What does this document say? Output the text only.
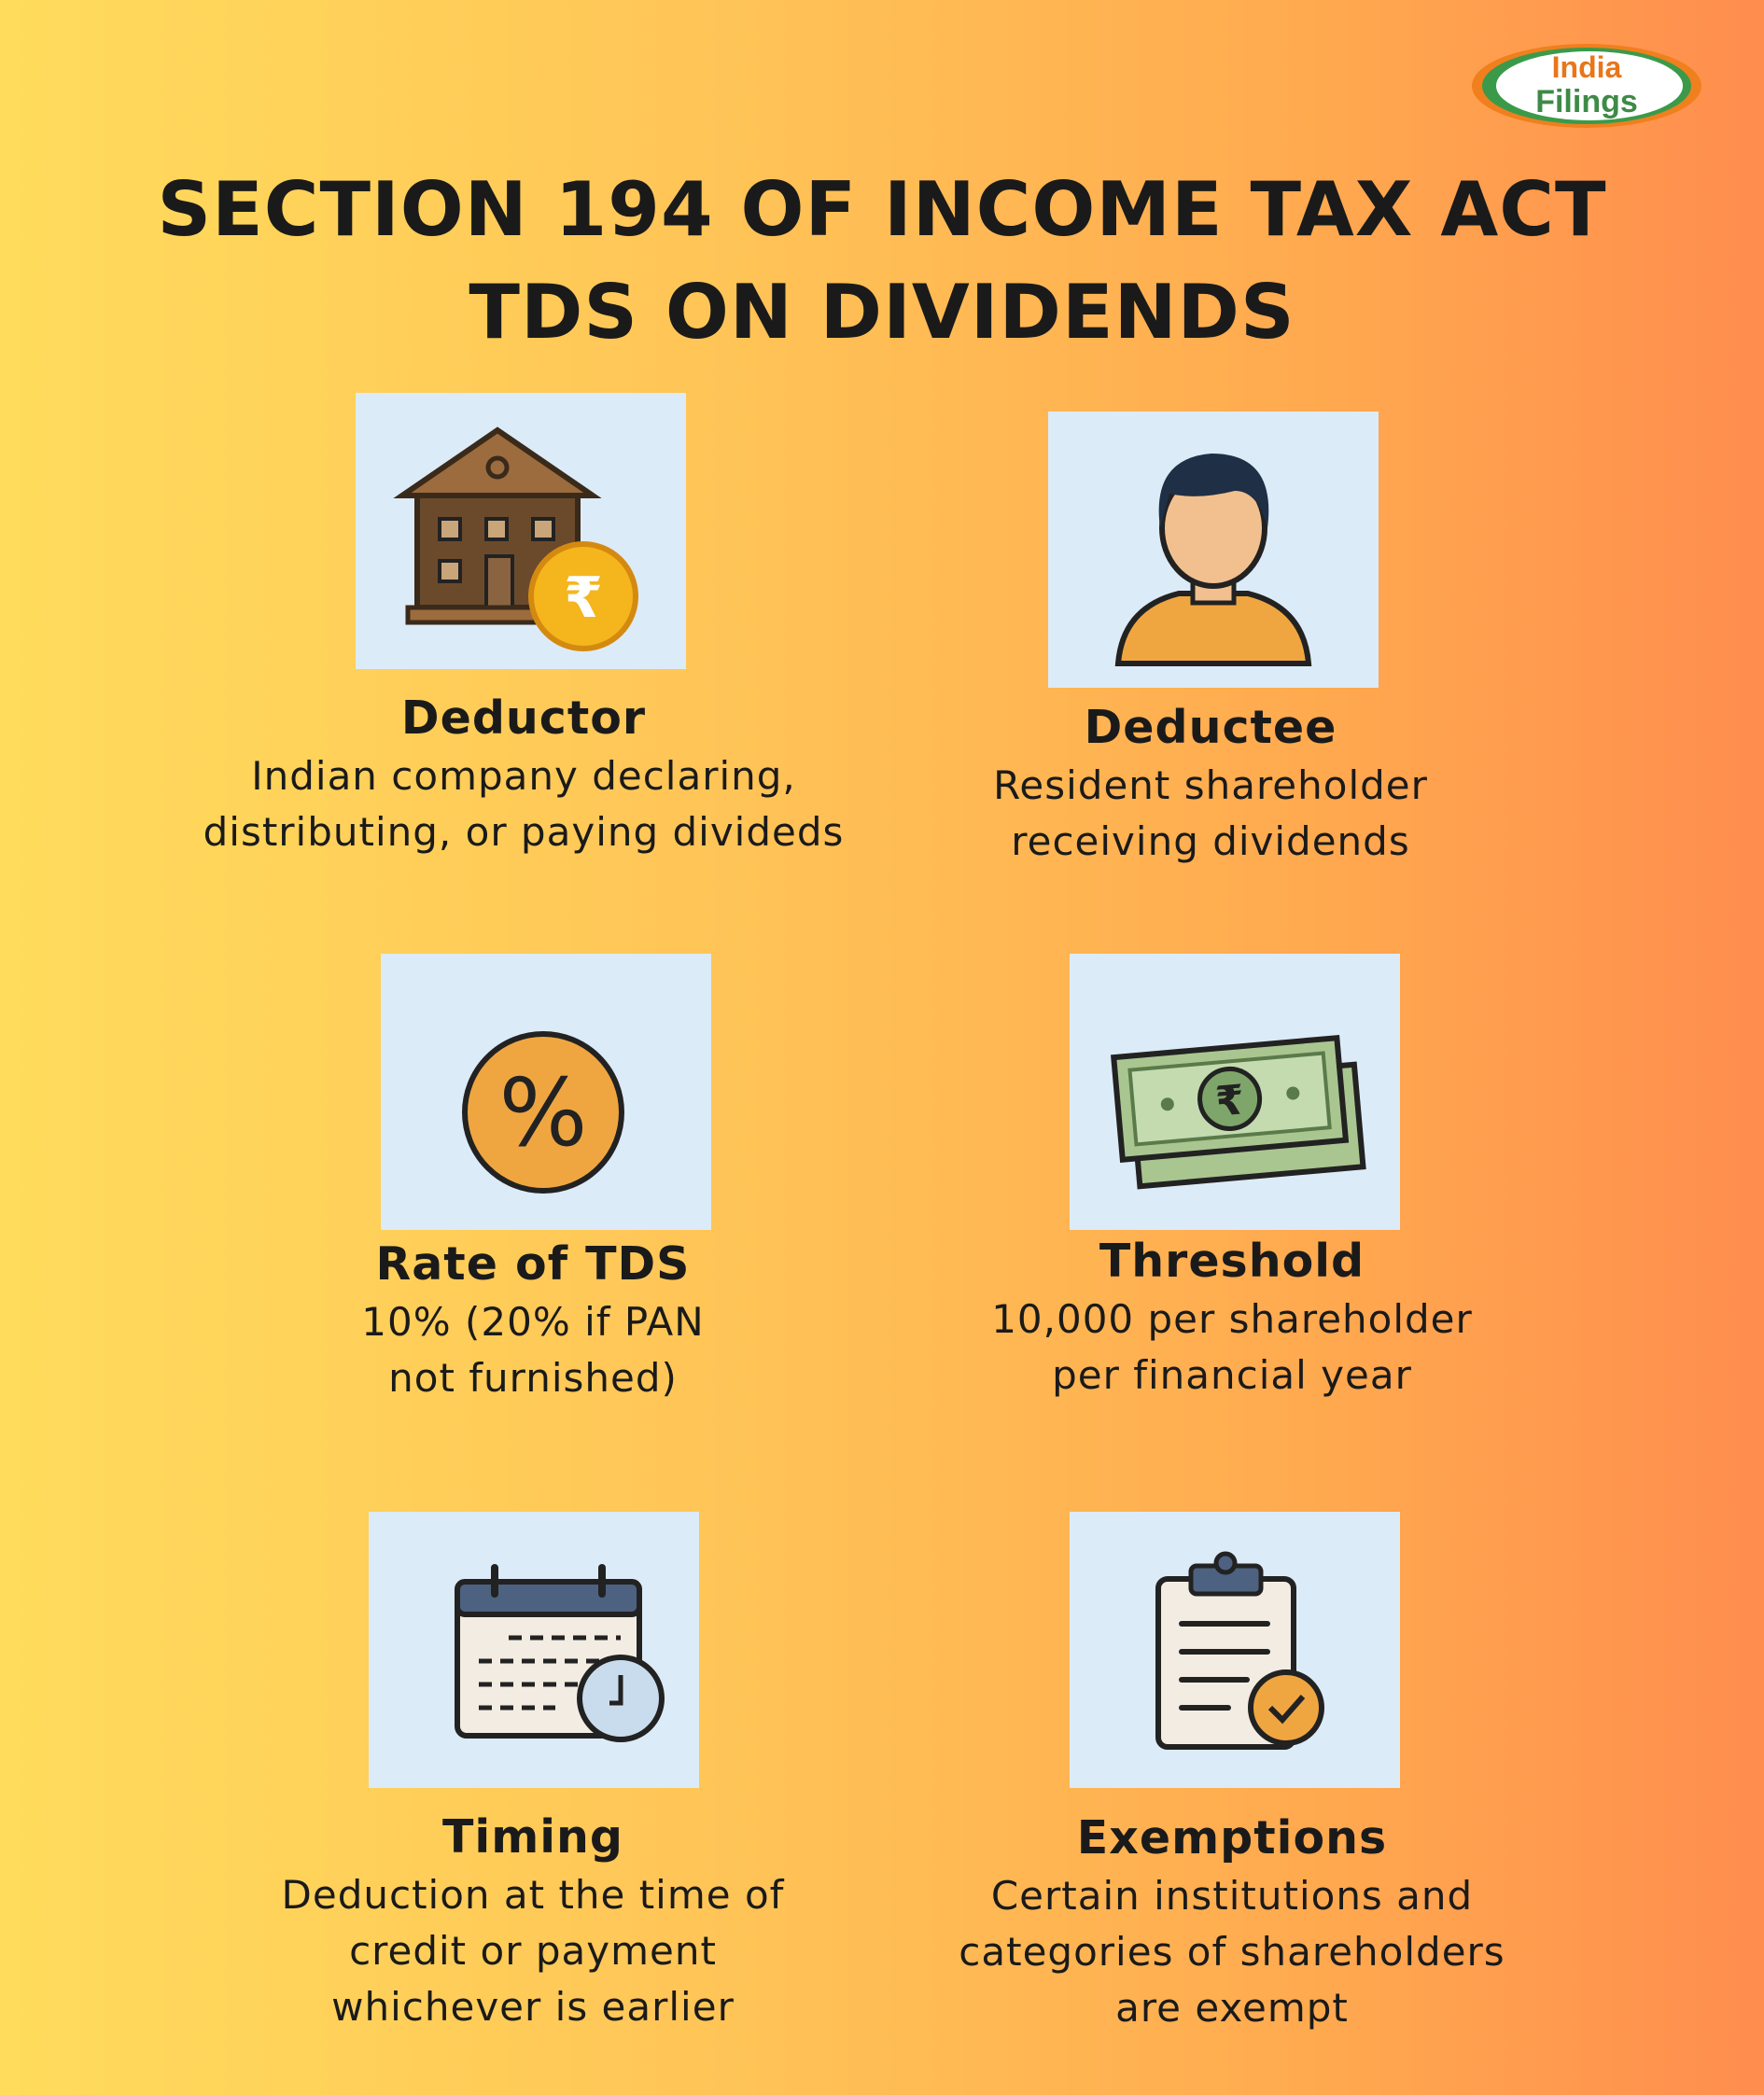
India
Filings
SECTION 194 OF INCOME TAX ACT
TDS ON DIVIDENDS
₹
Deductor

Indian company declaring,

distributing, or paying divideds

Deductee

Resident shareholder

receiving dividends

%
Rate of TDS

10% (20% if PAN

not furnished)

₹
Threshold

10,000 per shareholder

per financial year

Timing

Deduction at the time of

credit or payment

whichever is earlier

Exemptions

Certain institutions and

categories of shareholders

are exempt
